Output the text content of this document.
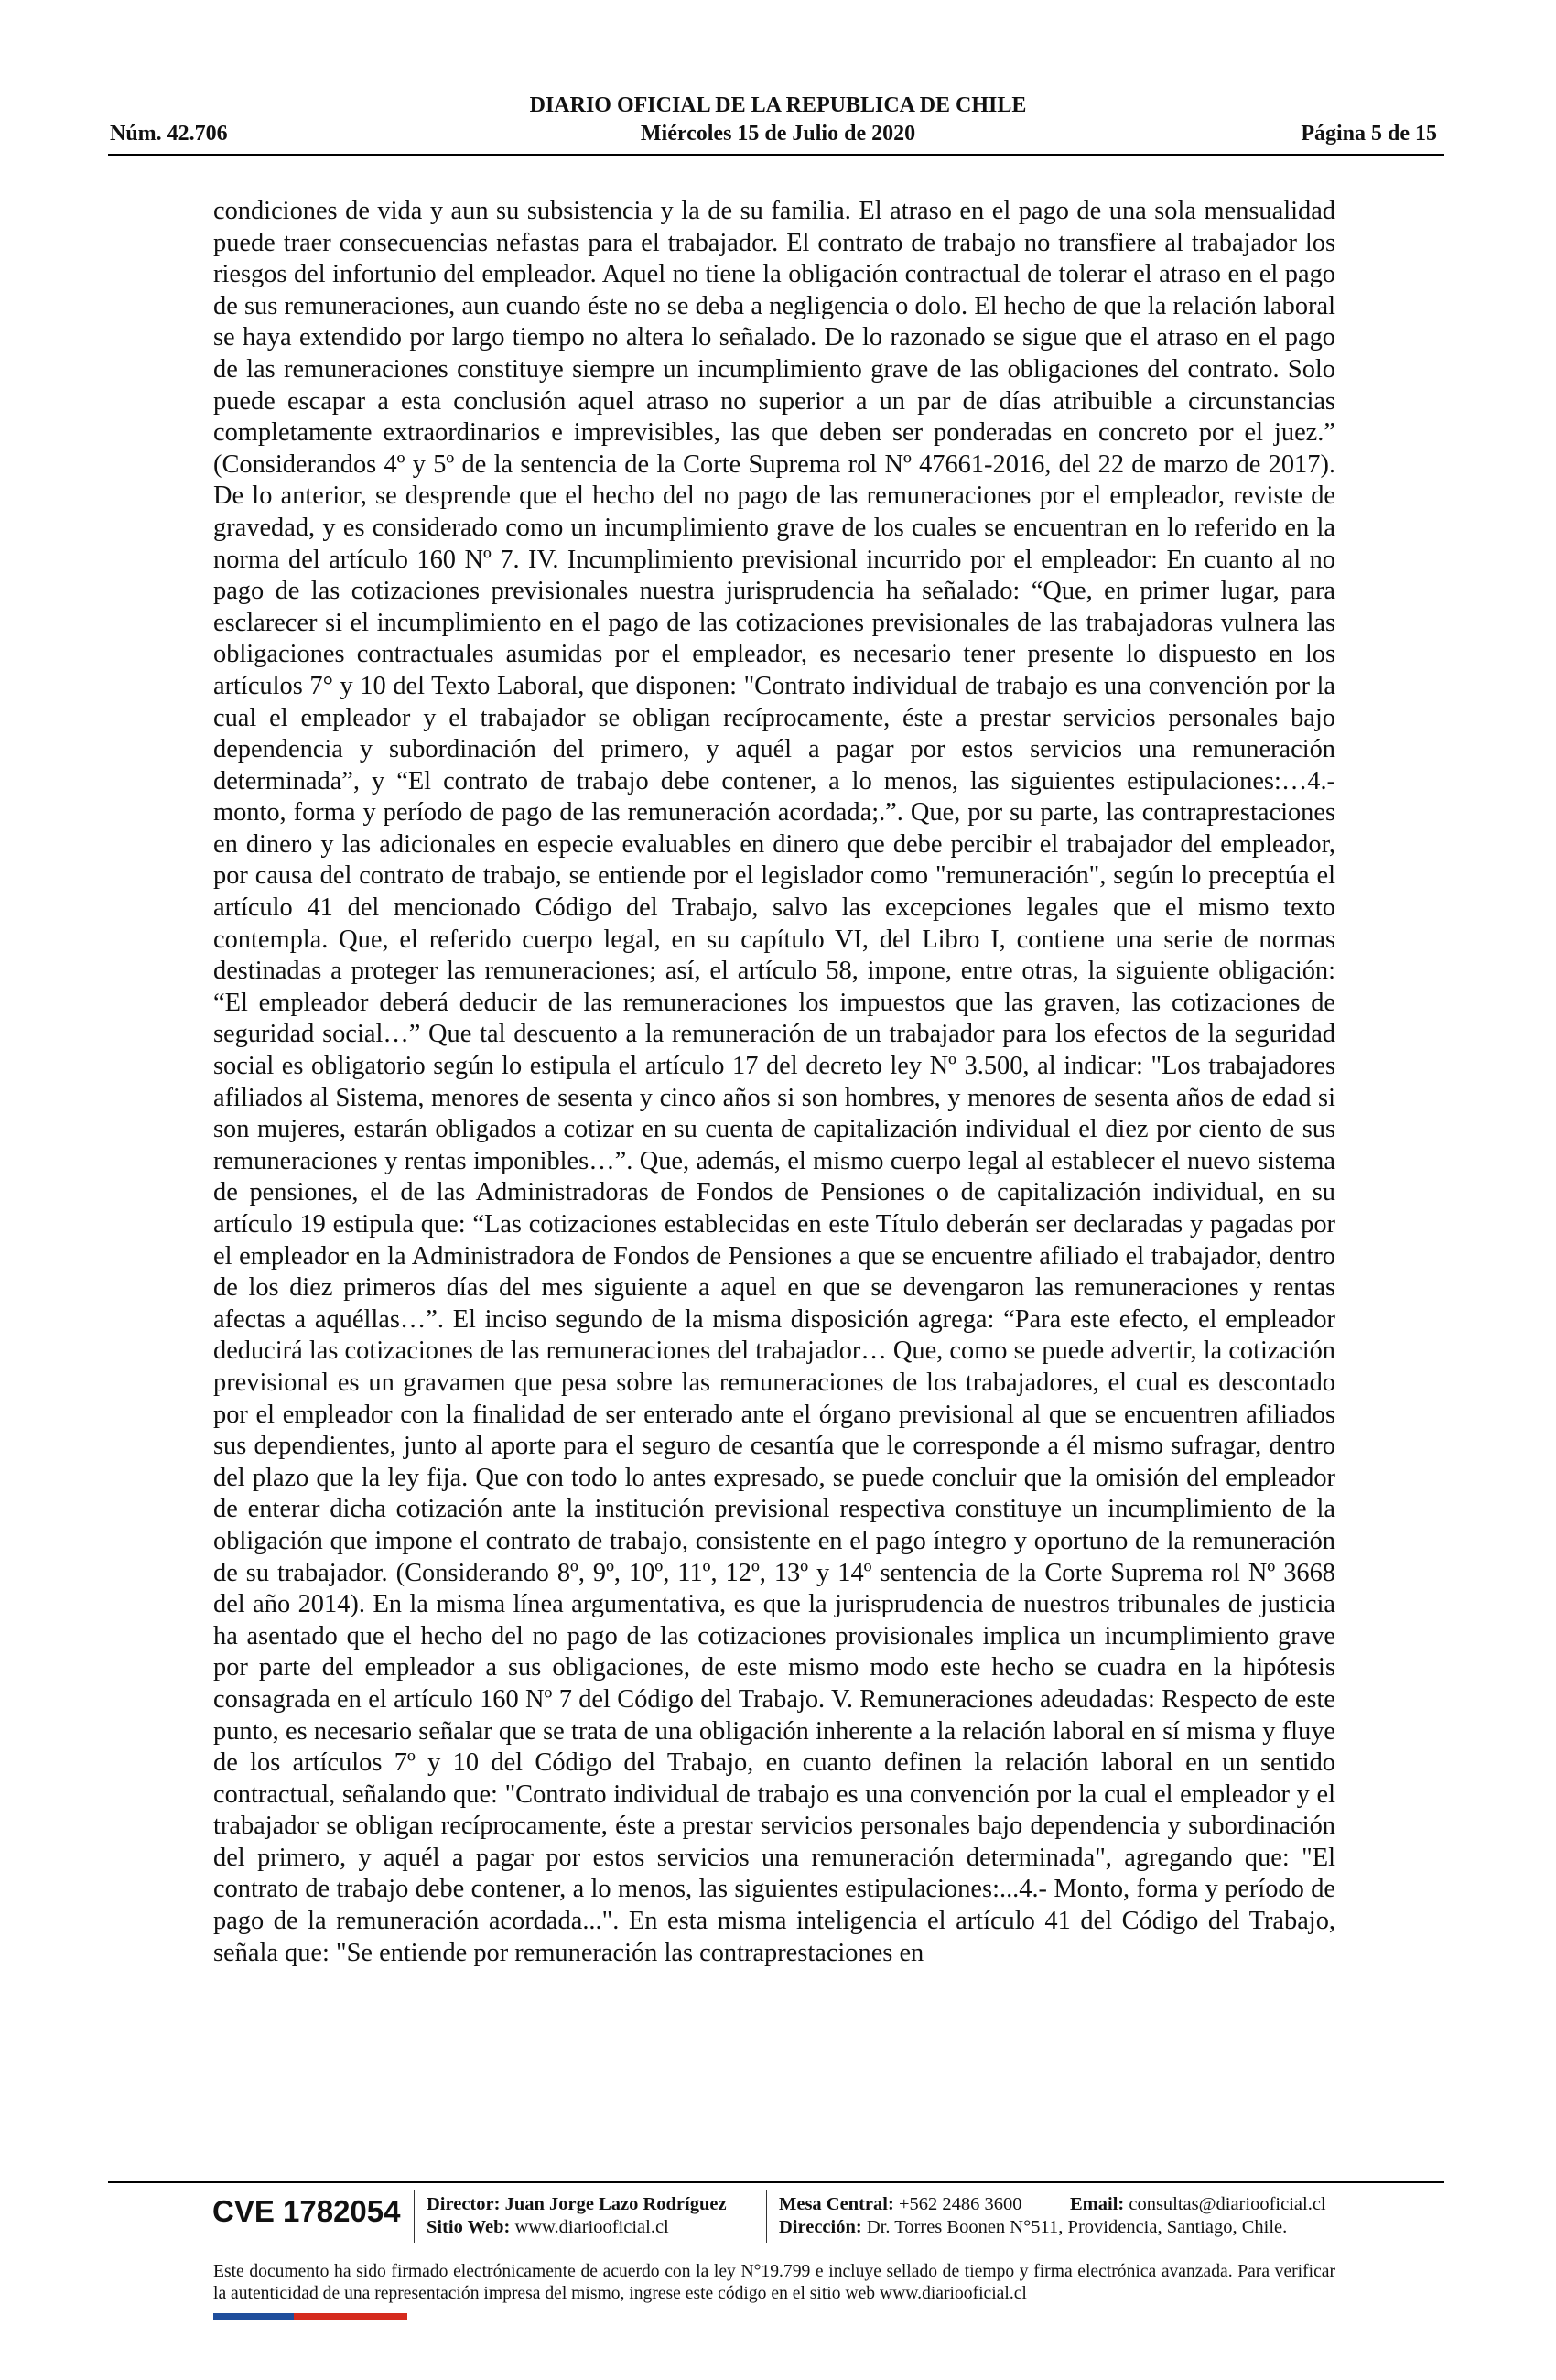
DIARIO OFICIAL DE LA REPUBLICA DE CHILE
Núm. 42.706	Miércoles 15 de Julio de 2020	Página 5 de 15
condiciones de vida y aun su subsistencia y la de su familia. El atraso en el pago de una sola mensualidad puede traer consecuencias nefastas para el trabajador. El contrato de trabajo no transfiere al trabajador los riesgos del infortunio del empleador. Aquel no tiene la obligación contractual de tolerar el atraso en el pago de sus remuneraciones, aun cuando éste no se deba a negligencia o dolo. El hecho de que la relación laboral se haya extendido por largo tiempo no altera lo señalado. De lo razonado se sigue que el atraso en el pago de las remuneraciones constituye siempre un incumplimiento grave de las obligaciones del contrato. Solo puede escapar a esta conclusión aquel atraso no superior a un par de días atribuible a circunstancias completamente extraordinarios e imprevisibles, las que deben ser ponderadas en concreto por el juez.” (Considerandos 4º y 5º de la sentencia de la Corte Suprema rol Nº 47661-2016, del 22 de marzo de 2017). De lo anterior, se desprende que el hecho del no pago de las remuneraciones por el empleador, reviste de gravedad, y es considerado como un incumplimiento grave de los cuales se encuentran en lo referido en la norma del artículo 160 Nº 7. IV. Incumplimiento previsional incurrido por el empleador: En cuanto al no pago de las cotizaciones previsionales nuestra jurisprudencia ha señalado: “Que, en primer lugar, para esclarecer si el incumplimiento en el pago de las cotizaciones previsionales de las trabajadoras vulnera las obligaciones contractuales asumidas por el empleador, es necesario tener presente lo dispuesto en los artículos 7° y 10 del Texto Laboral, que disponen: "Contrato individual de trabajo es una convención por la cual el empleador y el trabajador se obligan recíprocamente, éste a prestar servicios personales bajo dependencia y subordinación del primero, y aquél a pagar por estos servicios una remuneración determinada”, y “El contrato de trabajo debe contener, a lo menos, las siguientes estipulaciones:…4.- monto, forma y período de pago de las remuneración acordada;.”. Que, por su parte, las contraprestaciones en dinero y las adicionales en especie evaluables en dinero que debe percibir el trabajador del empleador, por causa del contrato de trabajo, se entiende por el legislador como "remuneración", según lo preceptúa el artículo 41 del mencionado Código del Trabajo, salvo las excepciones legales que el mismo texto contempla. Que, el referido cuerpo legal, en su capítulo VI, del Libro I, contiene una serie de normas destinadas a proteger las remuneraciones; así, el artículo 58, impone, entre otras, la siguiente obligación: “El empleador deberá deducir de las remuneraciones los impuestos que las graven, las cotizaciones de seguridad social…” Que tal descuento a la remuneración de un trabajador para los efectos de la seguridad social es obligatorio según lo estipula el artículo 17 del decreto ley Nº 3.500, al indicar: "Los trabajadores afiliados al Sistema, menores de sesenta y cinco años si son hombres, y menores de sesenta años de edad si son mujeres, estarán obligados a cotizar en su cuenta de capitalización individual el diez por ciento de sus remuneraciones y rentas imponibles…”. Que, además, el mismo cuerpo legal al establecer el nuevo sistema de pensiones, el de las Administradoras de Fondos de Pensiones o de capitalización individual, en su artículo 19 estipula que: “Las cotizaciones establecidas en este Título deberán ser declaradas y pagadas por el empleador en la Administradora de Fondos de Pensiones a que se encuentre afiliado el trabajador, dentro de los diez primeros días del mes siguiente a aquel en que se devengaron las remuneraciones y rentas afectas a aquéllas…”. El inciso segundo de la misma disposición agrega: “Para este efecto, el empleador deducirá las cotizaciones de las remuneraciones del trabajador… Que, como se puede advertir, la cotización previsional es un gravamen que pesa sobre las remuneraciones de los trabajadores, el cual es descontado por el empleador con la finalidad de ser enterado ante el órgano previsional al que se encuentren afiliados sus dependientes, junto al aporte para el seguro de cesantía que le corresponde a él mismo sufragar, dentro del plazo que la ley fija. Que con todo lo antes expresado, se puede concluir que la omisión del empleador de enterar dicha cotización ante la institución previsional respectiva constituye un incumplimiento de la obligación que impone el contrato de trabajo, consistente en el pago íntegro y oportuno de la remuneración de su trabajador. (Considerando 8º, 9º, 10º, 11º, 12º, 13º y 14º sentencia de la Corte Suprema rol Nº 3668 del año 2014). En la misma línea argumentativa, es que la jurisprudencia de nuestros tribunales de justicia ha asentado que el hecho del no pago de las cotizaciones provisionales implica un incumplimiento grave por parte del empleador a sus obligaciones, de este mismo modo este hecho se cuadra en la hipótesis consagrada en el artículo 160 Nº 7 del Código del Trabajo. V. Remuneraciones adeudadas: Respecto de este punto, es necesario señalar que se trata de una obligación inherente a la relación laboral en sí misma y fluye de los artículos 7º y 10 del Código del Trabajo, en cuanto definen la relación laboral en un sentido contractual, señalando que: "Contrato individual de trabajo es una convención por la cual el empleador y el trabajador se obligan recíprocamente, éste a prestar servicios personales bajo dependencia y subordinación del primero, y aquél a pagar por estos servicios una remuneración determinada", agregando que: "El contrato de trabajo debe contener, a lo menos, las siguientes estipulaciones:...4.- Monto, forma y período de pago de la remuneración acordada...". En esta misma inteligencia el artículo 41 del Código del Trabajo, señala que: "Se entiende por remuneración las contraprestaciones en
CVE 1782054 Director: Juan Jorge Lazo Rodríguez
Sitio Web: www.diariooficial.cl
Mesa Central: +562 2486 3600	Email: consultas@diariooficial.cl
Dirección: Dr. Torres Boonen N°511, Providencia, Santiago, Chile.
Este documento ha sido firmado electrónicamente de acuerdo con la ley N°19.799 e incluye sellado de tiempo y firma electrónica avanzada. Para verificar la autenticidad de una representación impresa del mismo, ingrese este código en el sitio web www.diariooficial.cl
